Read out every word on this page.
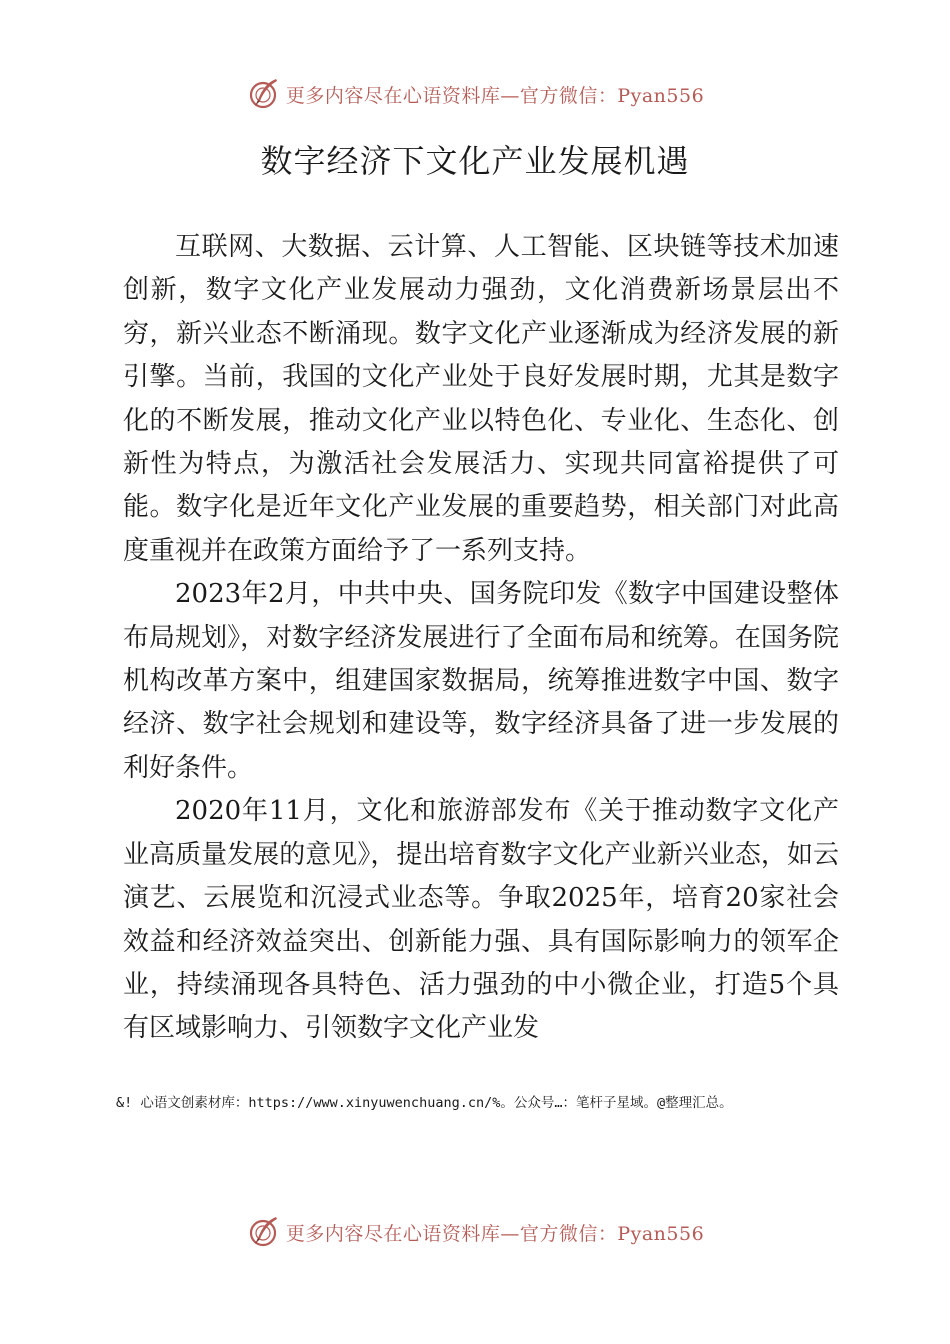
更多内容尽在心语资料库—官方微信：Pyan556
数字经济下文化产业发展机遇

互联网、大数据、云计算、人工智能、区块链等技术加速创新，数字文化产业发展动力强劲，文化消费新场景层出不穷，新兴业态不断涌现。数字文化产业逐渐成为经济发展的新引擎。当前，我国的文化产业处于良好发展时期，尤其是数字化的不断发展，推动文化产业以特色化、专业化、生态化、创新性为特点，为激活社会发展活力、实现共同富裕提供了可能。数字化是近年文化产业发展的重要趋势，相关部门对此高度重视并在政策方面给予了一系列支持。

2023年2月，中共中央、国务院印发《数字中国建设整体布局规划》，对数字经济发展进行了全面布局和统筹。在国务院机构改革方案中，组建国家数据局，统筹推进数字中国、数字经济、数字社会规划和建设等，数字经济具备了进一步发展的利好条件。

2020年11月，文化和旅游部发布《关于推动数字文化产业高质量发展的意见》，提出培育数字文化产业新兴业态，如云演艺、云展览和沉浸式业态等。争取2025年，培育20家社会效益和经济效益突出、创新能力强、具有国际影响力的领军企业，持续涌现各具特色、活力强劲的中小微企业，打造5个具有区域影响力、引领数字文化产业发

&! 心语文创素材库：https://www.xinyuwenchuang.cn/%。公众号…：笔杆子星域。@整理汇总。
更多内容尽在心语资料库—官方微信：Pyan556
